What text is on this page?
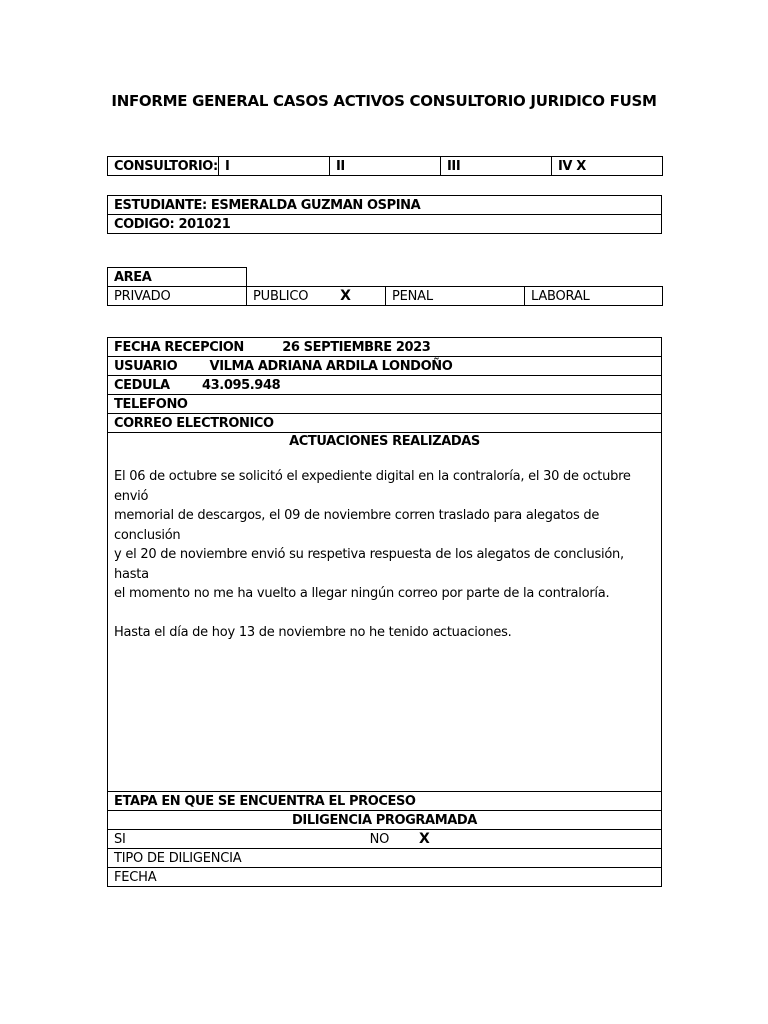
INFORME GENERAL CASOS ACTIVOS CONSULTORIO JURIDICO FUSM
CONSULTORIO:	I	II	III	IV X
ESTUDIANTE: ESMERALDA GUZMAN OSPINA
CODIGO: 201021
AREA			
PRIVADO	PUBLICO X	PENAL	LABORAL
FECHA RECEPCION	26 SEPTIEMBRE 2023
USUARIO VILMA ADRIANA ARDILA LONDOÑO
CEDULA 43.095.948
TELEFONO
CORREO ELECTRONICO

ACTUACIONES REALIZADAS

El 06 de octubre se solicitó el expediente digital en la contraloría, el 30 de octubre envió

memorial de descargos, el 09 de noviembre corren traslado para alegatos de conclusión

y el 20 de noviembre envió su respetiva respuesta de los alegatos de conclusión, hasta

el momento no me ha vuelto a llegar ningún correo por parte de la contraloría.

Hasta el día de hoy 13 de noviembre no he tenido actuaciones.

ETAPA EN QUE SE ENCUENTRA EL PROCESO
DILIGENCIA PROGRAMADA
SI	NO X
TIPO DE DILIGENCIA
FECHA
